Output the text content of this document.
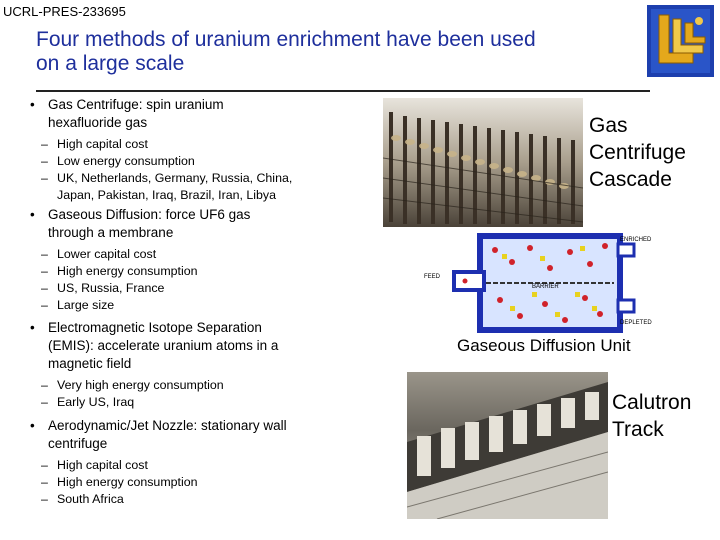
UCRL-PRES-233695
Four methods of uranium enrichment have been used
on a large scale
• Gas Centrifuge: spin uranium
hexafluoride gas
– High capital cost
– Low energy consumption
– UK, Netherlands, Germany, Russia, China,
Japan, Pakistan, Iraq, Brazil, Iran, Libya
• Gaseous Diffusion: force UF6 gas
through a membrane
– Lower capital cost
– High energy consumption
– US, Russia, France
– Large size
• Electromagnetic Isotope Separation
(EMIS): accelerate uranium atoms in a
magnetic field
– Very high energy consumption
– Early US, Iraq
• Aerodynamic/Jet Nozzle: stationary wall
centrifuge
– High capital cost
– High energy consumption
– South Africa
Gas
Centrifuge
Cascade
ENRICHED
FEED
BARRIER
DEPLETED
Gaseous Diffusion Unit
Calutron
Track
